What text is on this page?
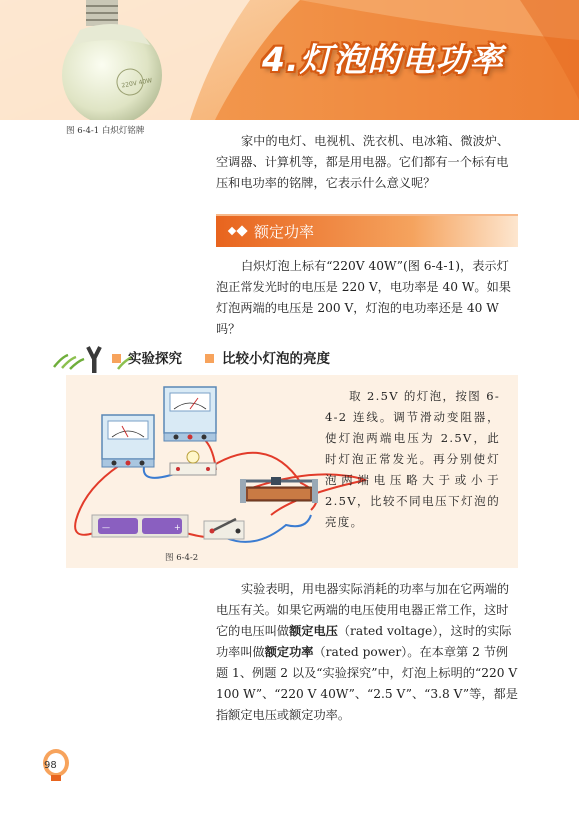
220V 40W
4.灯泡的电功率
图 6-4-1 白炽灯铭牌

家中的电灯、电视机、洗衣机、电冰箱、微波炉、空调器、计算机等，都是用电器。它们都有一个标有电压和电功率的铭牌，它表示什么意义呢？

额定功率

白炽灯泡上标有“220V 40W”(图 6-4-1)，表示灯泡正常发光时的电压是 220 V，电功率是 40 W。如果灯泡两端的电压是 200 V，灯泡的电功率还是 40 W 吗？

实验探究	比较小灯泡的亮度
—	+
图 6-4-2

取 2.5V 的灯泡，按图 6-4-2 连线。调节滑动变阻器，使灯泡两端电压为 2.5V，此时灯泡正常发光。再分别使灯泡两端电压略大于或小于 2.5V，比较不同电压下灯泡的亮度。

实验表明，用电器实际消耗的功率与加在它两端的电压有关。如果它两端的电压使用电器正常工作，这时它的电压叫做额定电压（rated voltage），这时的实际功率叫做额定功率（rated power）。在本章第 2 节例题 1、例题 2 以及“实验探究”中，灯泡上标明的“220 V 100 W”、“220 V 40W”、“2.5 V”、“3.8 V”等，都是指额定电压或额定功率。

98
